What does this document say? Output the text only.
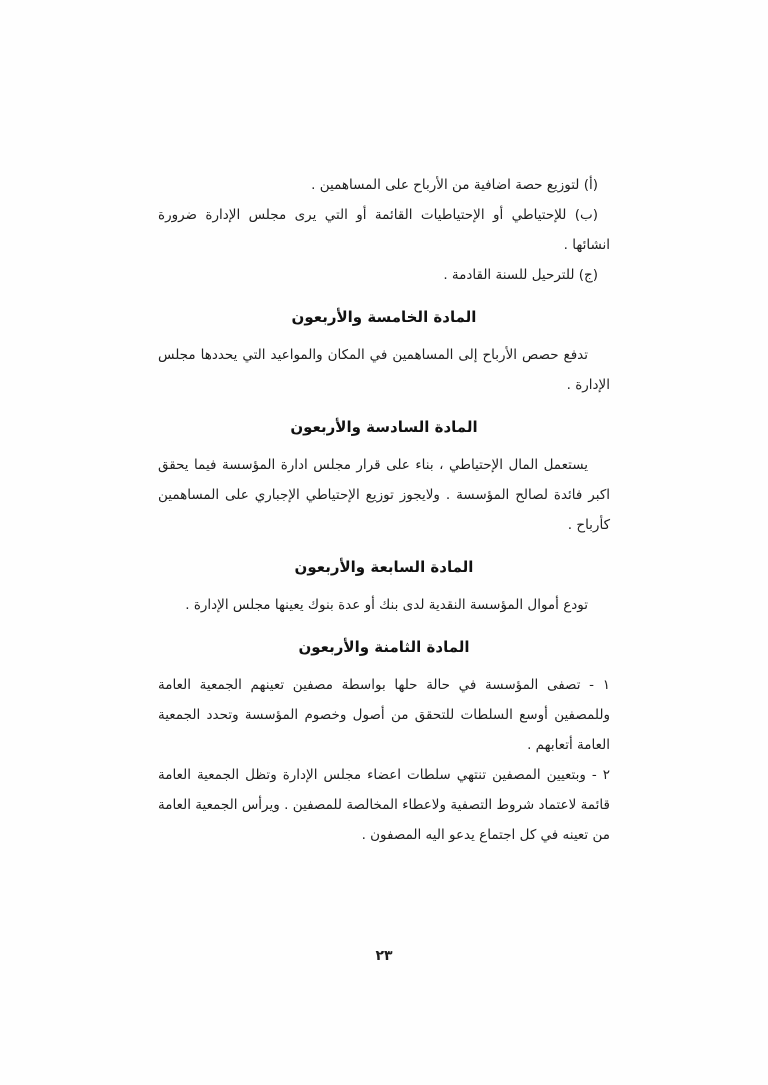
(أ) لتوزيع حصة اضافية من الأرباح على المساهمين .

(ب) للإحتياطي أو الإحتياطيات القائمة أو التي يرى مجلس الإدارة ضرورة انشائها .

(ج) للترحيل للسنة القادمة .

المادة الخامسة والأربعون

تدفع حصص الأرباح إلى المساهمين في المكان والمواعيد التي يحددها مجلس الإدارة .

المادة السادسة والأربعون

يستعمل المال الإحتياطي ، بناء على قرار مجلس ادارة المؤسسة فيما يحقق اكبر فائدة لصالح المؤسسة . ولايجوز توزيع الإحتياطي الإجباري على المساهمين كأرباح .

المادة السابعة والأربعون

تودع أموال المؤسسة النقدية لدى بنك أو عدة بنوك يعينها مجلس الإدارة .

المادة الثامنة والأربعون

١ - تصفى المؤسسة في حالة حلها بواسطة مصفين تعينهم الجمعية العامة وللمصفين أوسع السلطات للتحقق من أصول وخصوم المؤسسة وتحدد الجمعية العامة أتعابهم .

٢ - وبتعيين المصفين تنتهي سلطات اعضاء مجلس الإدارة وتظل الجمعية العامة قائمة لاعتماد شروط التصفية ولاعطاء المخالصة للمصفين . ويرأس الجمعية العامة من تعينه في كل اجتماع يدعو اليه المصفون .

٢٣
